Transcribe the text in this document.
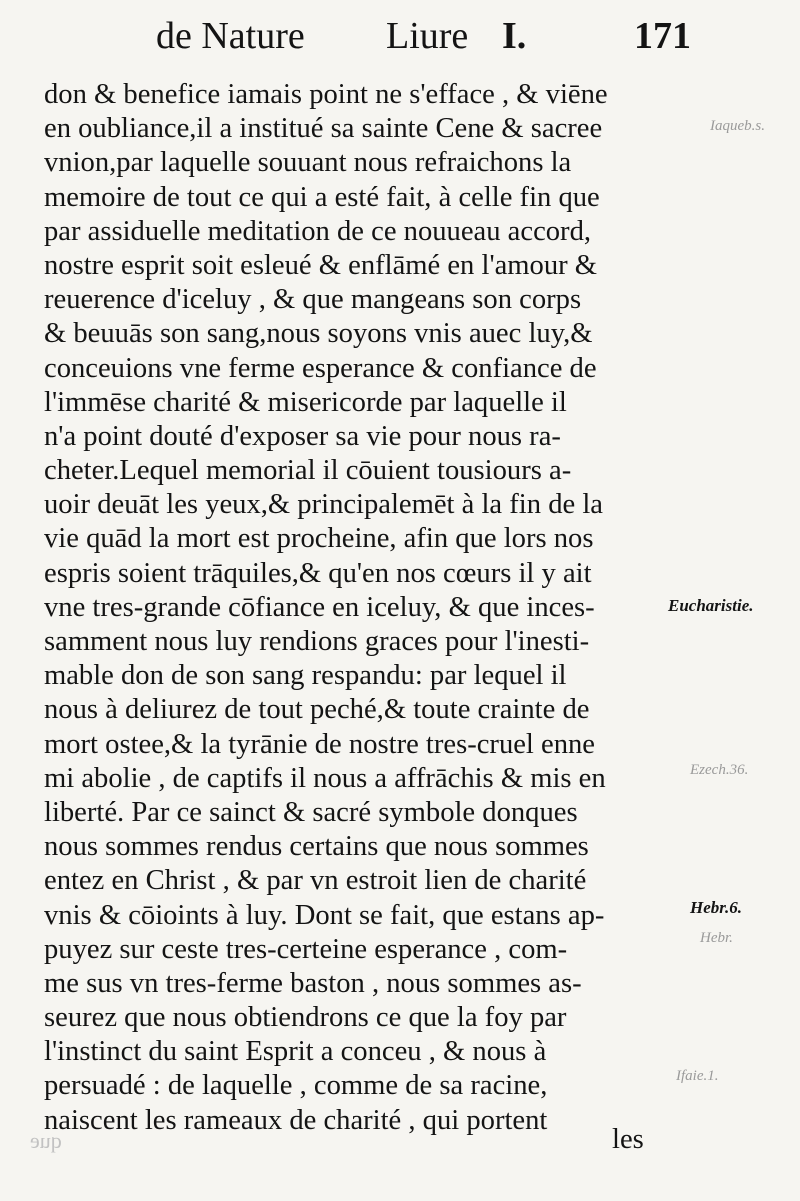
de Nature Liure I.	171
don & benefice iamais point ne s'efface , & viēne
en oubliance,il a institué sa sainte Cene & sacree
vnion,par laquelle souuant nous refraichons la
memoire de tout ce qui a esté fait, à celle fin que
par assiduelle meditation de ce nouueau accord,
nostre esprit soit esleué & enflāmé en l'amour &
reuerence d'iceluy , & que mangeans son corps
& beuuās son sang,nous soyons vnis auec luy,&
conceuions vne ferme esperance & confiance de
l'immēse charité & misericorde par laquelle il
n'a point douté d'exposer sa vie pour nous ra-
cheter.Lequel memorial il cōuient tousiours a-
uoir deuāt les yeux,& principalemēt à la fin de la
vie quād la mort est procheine, afin que lors nos
espris soient trāquiles,& qu'en nos cœurs il y ait
vne tres-grande cōfiance en iceluy, & que inces-
samment nous luy rendions graces pour l'inesti-
mable don de son sang respandu: par lequel il
nous à deliurez de tout peché,& toute crainte de
mort ostee,& la tyrānie de nostre tres-cruel enne
mi abolie , de captifs il nous a affrāchis & mis en
liberté. Par ce sainct & sacré symbole donques
nous sommes rendus certains que nous sommes
entez en Christ , & par vn estroit lien de charité
vnis & cōioints à luy. Dont se fait, que estans ap-
puyez sur ceste tres-certeine esperance , com-
me sus vn tres-ferme baston , nous sommes as-
seurez que nous obtiendrons ce que la foy par
l'instinct du saint Esprit a conceu , & nous à
persuadé : de laquelle , comme de sa racine,
naiscent les rameaux de charité , qui portent
les
Eucharistie.
Hebr.6.
Iaqueb.s.
Ezech.36.
Hebr.
Ifaie.1.
que
